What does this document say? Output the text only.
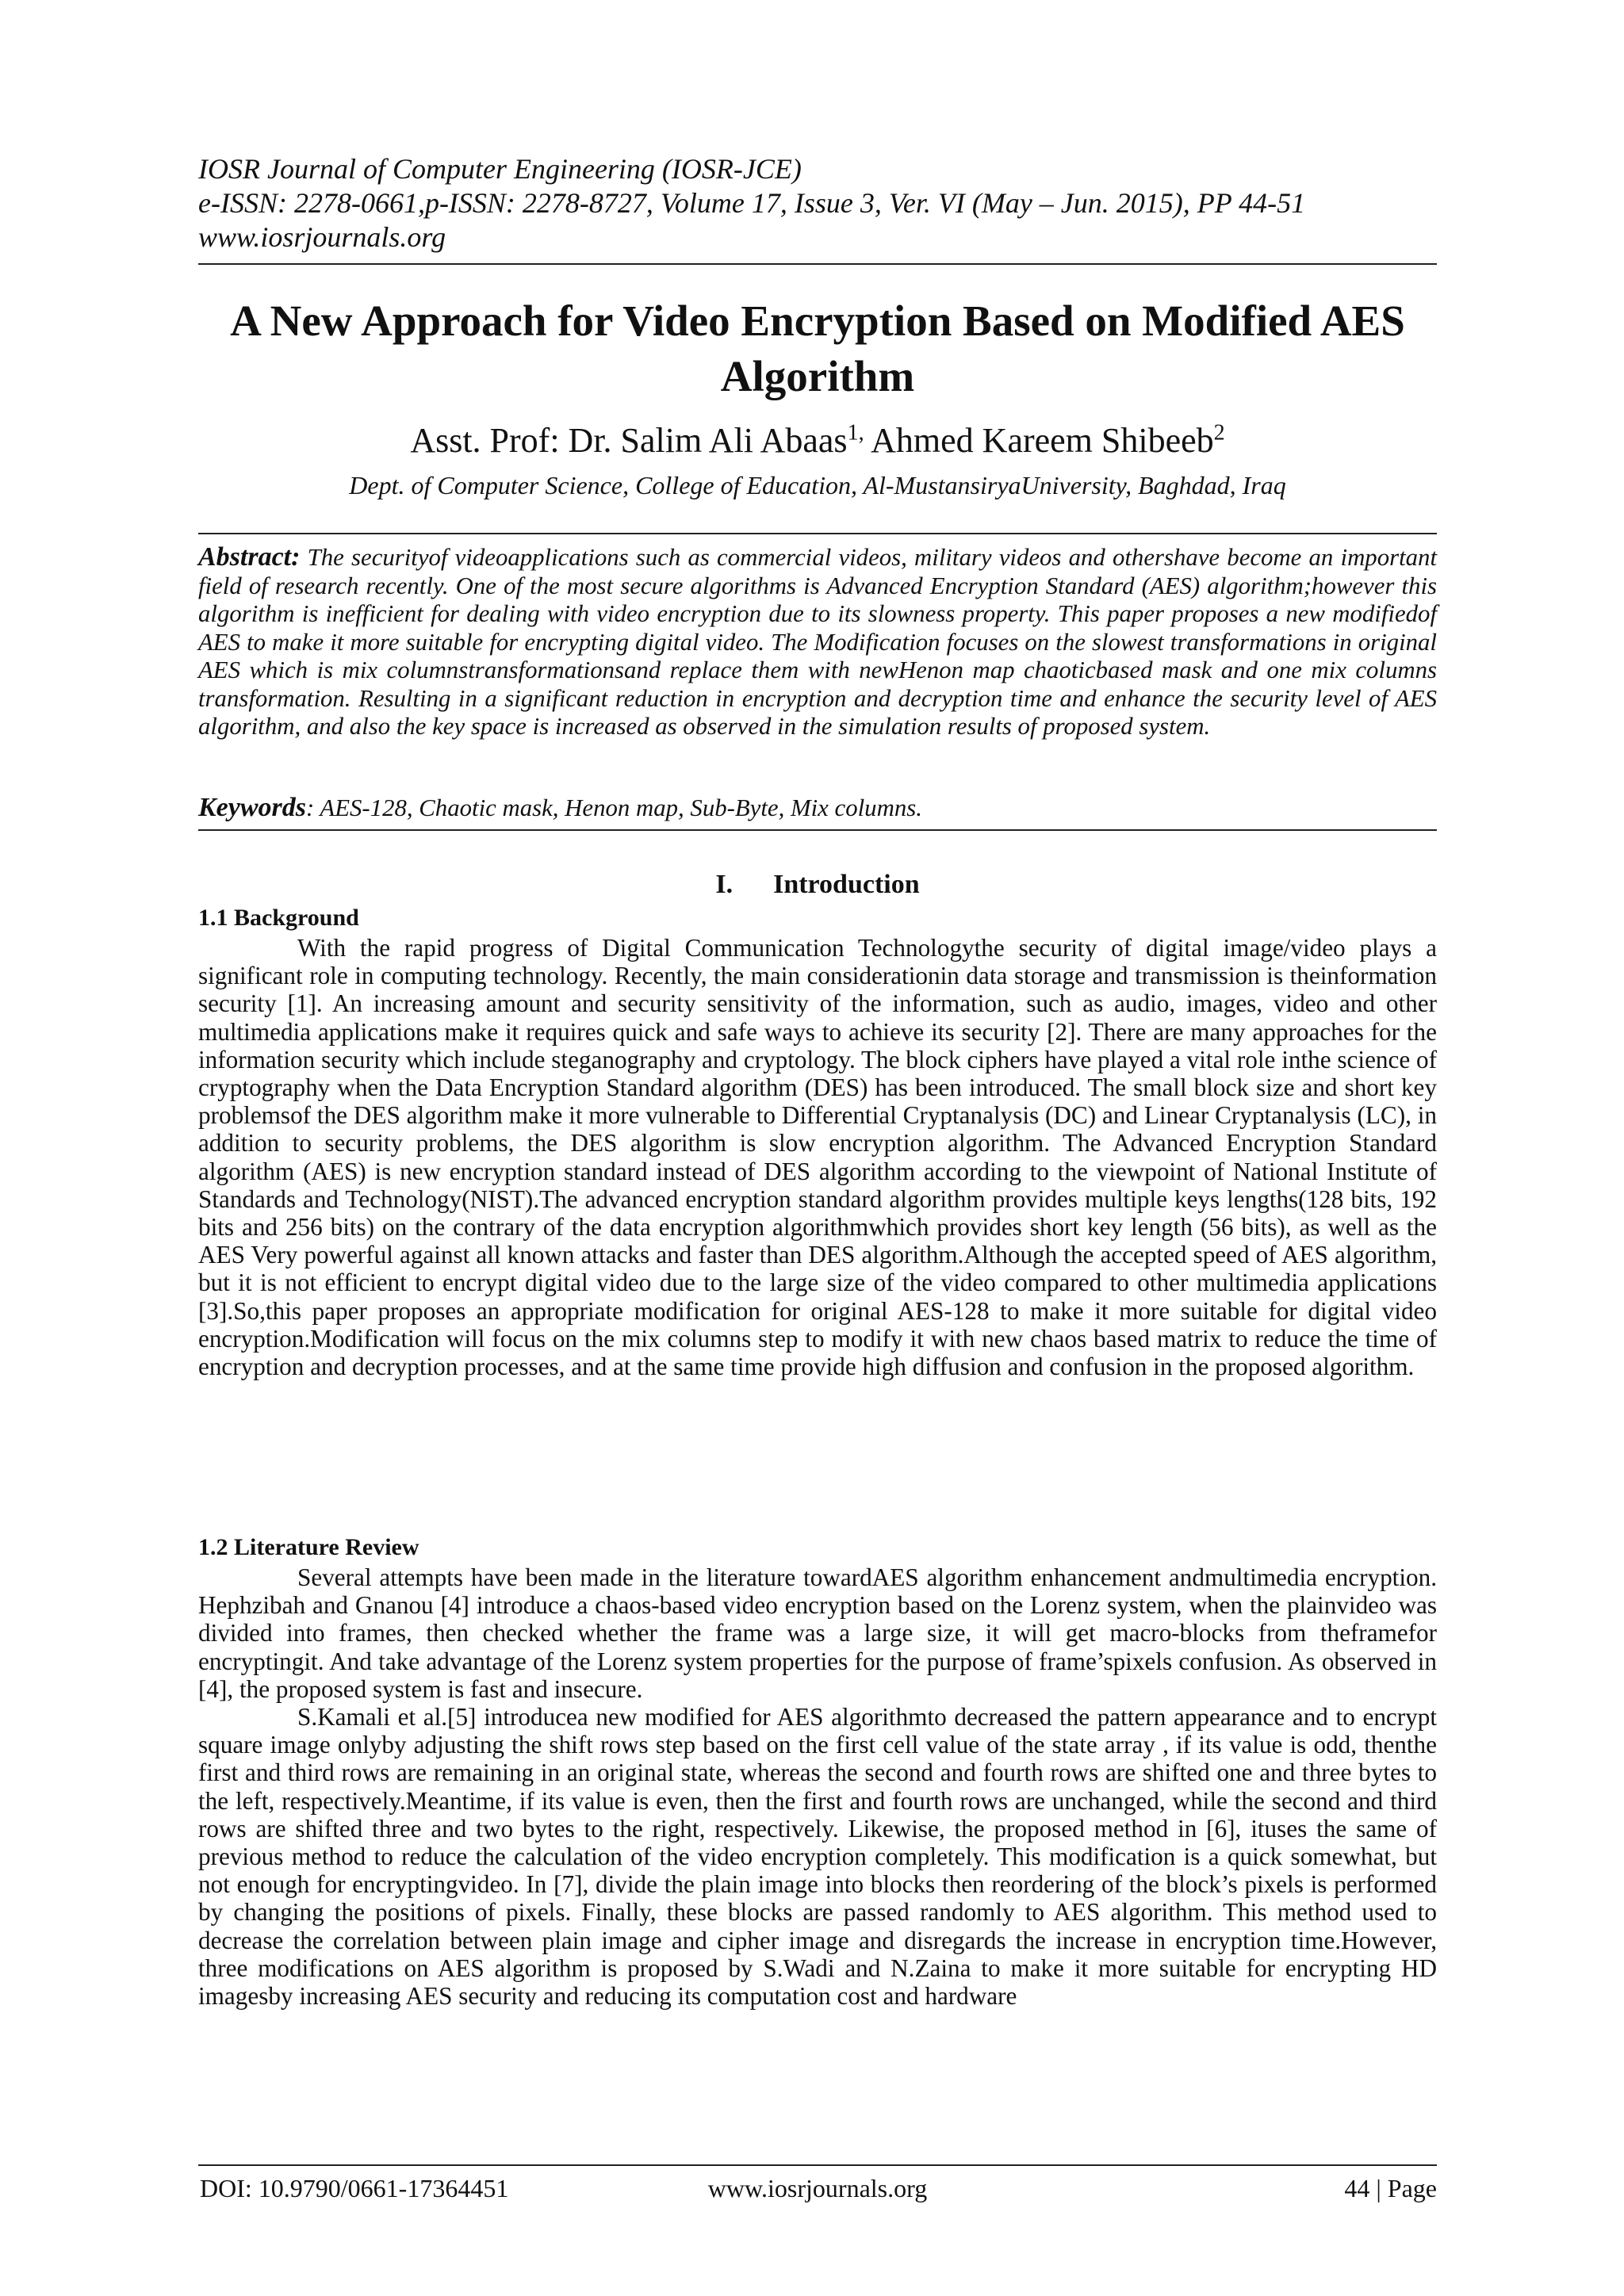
IOSR Journal of Computer Engineering (IOSR-JCE)
e-ISSN: 2278-0661,p-ISSN: 2278-8727, Volume 17, Issue 3, Ver. VI (May – Jun. 2015), PP 44-51
www.iosrjournals.org
A New Approach for Video Encryption Based on Modified AES Algorithm
Asst. Prof: Dr. Salim Ali Abaas$^{1,}$ Ahmed Kareem Shibeeb$^2$
Dept. of Computer Science, College of Education, Al-MustansiryaUniversity, Baghdad, Iraq
Abstract: The securityof videoapplications such as commercial videos, military videos and othershave become an important field of research recently. One of the most secure algorithms is Advanced Encryption Standard (AES) algorithm;however this algorithm is inefficient for dealing with video encryption due to its slowness property. This paper proposes a new modifiedof AES to make it more suitable for encrypting digital video. The Modification focuses on the slowest transformations in original AES which is mix columnstransformationsand replace them with newHenon map chaoticbased mask and one mix columns transformation. Resulting in a significant reduction in encryption and decryption time and enhance the security level of AES algorithm, and also the key space is increased as observed in the simulation results of proposed system.
Keywords: AES-128, Chaotic mask, Henon map, Sub-Byte, Mix columns.
I.      Introduction
1.1 Background

With the rapid progress of Digital Communication Technologythe security of digital image/video plays a significant role in computing technology. Recently, the main considerationin data storage and transmission is theinformation security [1]. An increasing amount and security sensitivity of the information, such as audio, images, video and other multimedia applications make it requires quick and safe ways to achieve its security [2]. There are many approaches for the information security which include steganography and cryptology. The block ciphers have played a vital role inthe science of cryptography when the Data Encryption Standard algorithm (DES) has been introduced. The small block size and short key problemsof the DES algorithm make it more vulnerable to Differential Cryptanalysis (DC) and Linear Cryptanalysis (LC), in addition to security problems, the DES algorithm is slow encryption algorithm. The Advanced Encryption Standard algorithm (AES) is new encryption standard instead of DES algorithm according to the viewpoint of National Institute of Standards and Technology(NIST).The advanced encryption standard algorithm provides multiple keys lengths(128 bits, 192 bits and 256 bits) on the contrary of the data encryption algorithmwhich provides short key length (56 bits), as well as the AES Very powerful against all known attacks and faster than DES algorithm.Although the accepted speed of AES algorithm, but it is not efficient to encrypt digital video due to the large size of the video compared to other multimedia applications [3].So,this paper proposes an appropriate modification for original AES-128 to make it more suitable for digital video encryption.Modification will focus on the mix columns step to modify it with new chaos based matrix to reduce the time of encryption and decryption processes, and at the same time provide high diffusion and confusion in the proposed algorithm.

1.2 Literature Review

Several attempts have been made in the literature towardAES algorithm enhancement andmultimedia encryption. Hephzibah and Gnanou [4] introduce a chaos-based video encryption based on the Lorenz system, when the plainvideo was divided into frames, then checked whether the frame was a large size, it will get macro-blocks from theframefor encryptingit. And take advantage of the Lorenz system properties for the purpose of frame’spixels confusion. As observed in [4], the proposed system is fast and insecure.

S.Kamali et al.[5] introducea new modified for AES algorithmto decreased the pattern appearance and to encrypt square image onlyby adjusting the shift rows step based on the first cell value of the state array , if its value is odd, thenthe first and third rows are remaining in an original state, whereas the second and fourth rows are shifted one and three bytes to the left, respectively.Meantime, if its value is even, then the first and fourth rows are unchanged, while the second and third rows are shifted three and two bytes to the right, respectively. Likewise, the proposed method in [6], ituses the same of previous method to reduce the calculation of the video encryption completely. This modification is a quick somewhat, but not enough for encryptingvideo. In [7], divide the plain image into blocks then reordering of the block’s pixels is performed by changing the positions of pixels. Finally, these blocks are passed randomly to AES algorithm. This method used to decrease the correlation between plain image and cipher image and disregards the increase in encryption time.However, three modifications on AES algorithm is proposed by S.Wadi and N.Zaina to make it more suitable for encrypting HD imagesby increasing AES security and reducing its computation cost and hardware

DOI: 10.9790/0661-17364451	www.iosrjournals.org	44 | Page
